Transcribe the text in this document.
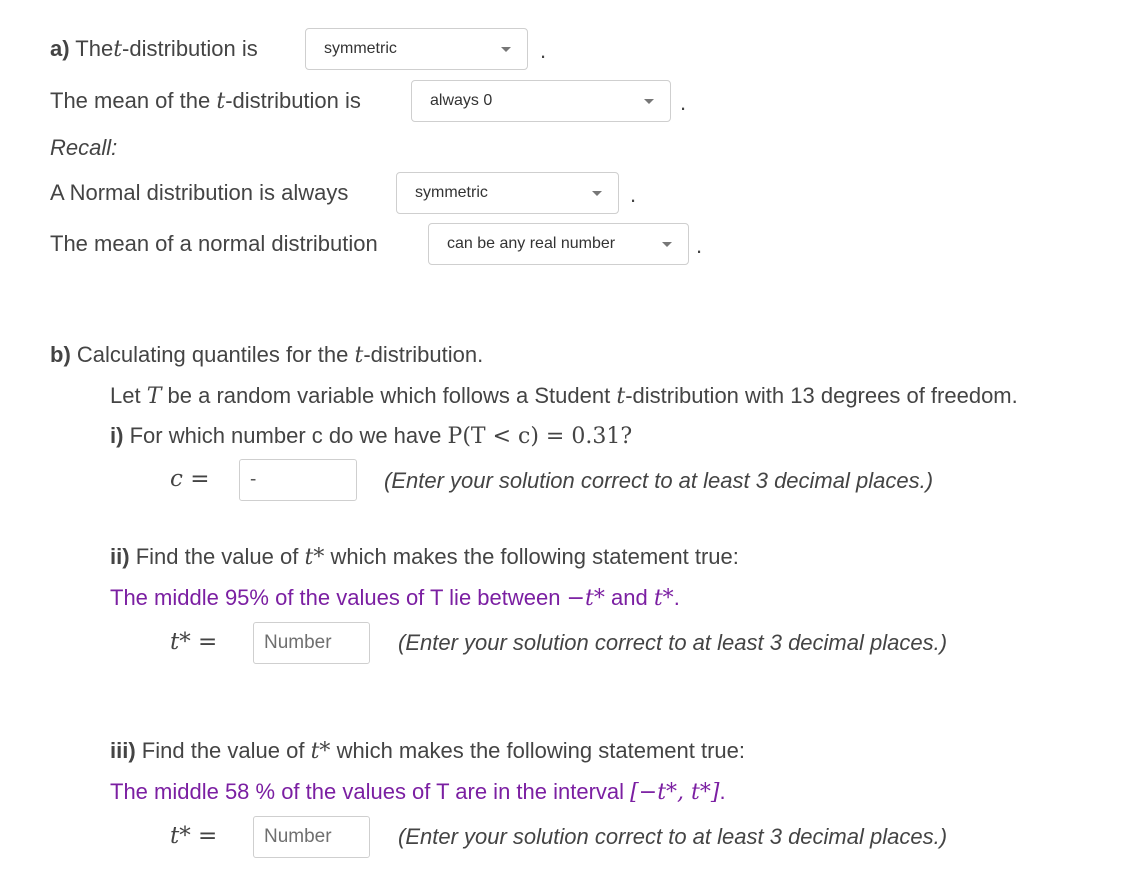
a) Thet-distribution is	symmetric	.
The mean of the t-distribution is	always 0	.
Recall:
A Normal distribution is always	symmetric	.
The mean of a normal distribution	can be any real number	.
b) Calculating quantiles for the t-distribution.
Let T be a random variable which follows a Student t-distribution with 13 degrees of freedom.
i) For which number c do we have P(T < c) = 0.31?
c =
-	(Enter your solution correct to at least 3 decimal places.)
ii) Find the value of t* which makes the following statement true:
The middle 95% of the values of T lie between −t* and t*.
t* =
Number	(Enter your solution correct to at least 3 decimal places.)
iii) Find the value of t* which makes the following statement true:
The middle 58 % of the values of T are in the interval [−t*, t*].
t* =
Number	(Enter your solution correct to at least 3 decimal places.)
